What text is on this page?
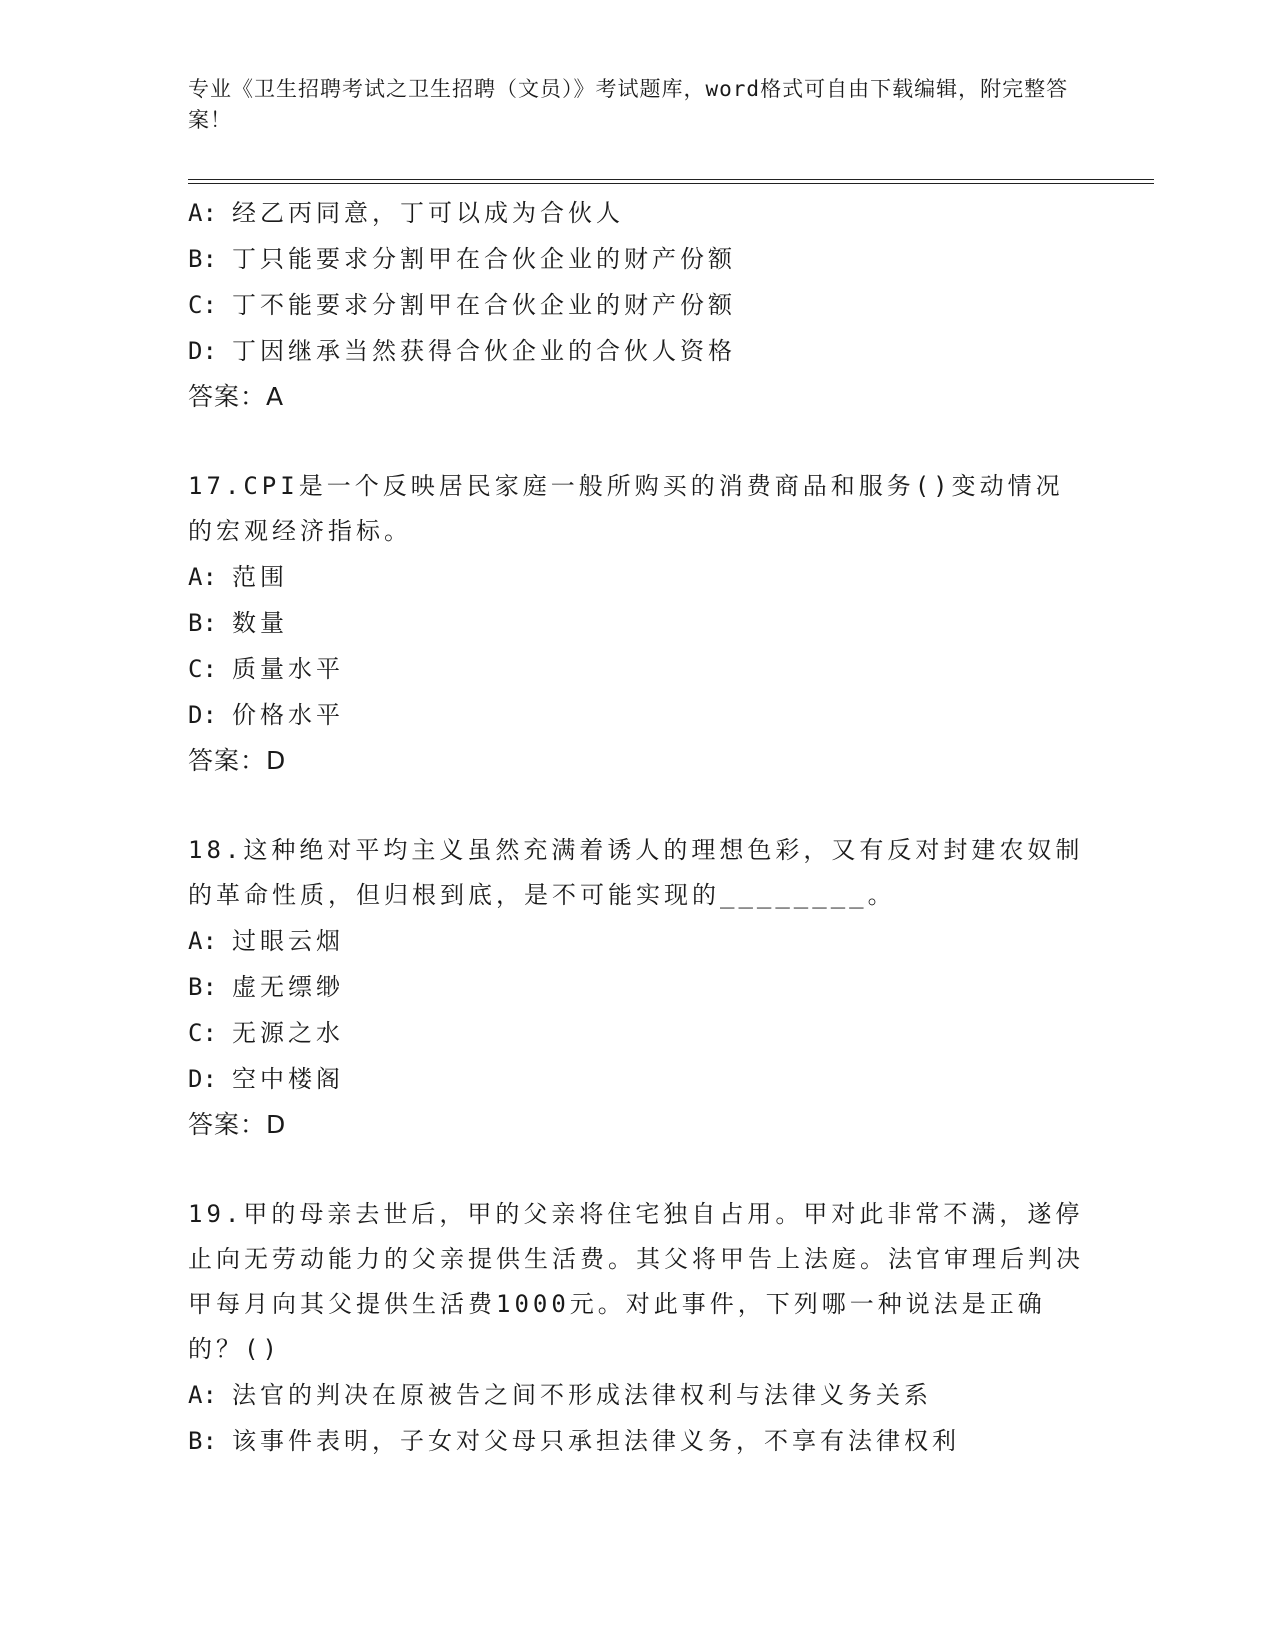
专业《卫生招聘考试之卫生招聘（文员）》考试题库，word格式可自由下载编辑，附完整答案！
A: 经乙丙同意，丁可以成为合伙人
B: 丁只能要求分割甲在合伙企业的财产份额
C: 丁不能要求分割甲在合伙企业的财产份额
D: 丁因继承当然获得合伙企业的合伙人资格
答案：A
17.CPI是一个反映居民家庭一般所购买的消费商品和服务()变动情况的宏观经济指标。
A: 范围
B: 数量
C: 质量水平
D: 价格水平
答案：D
18.这种绝对平均主义虽然充满着诱人的理想色彩，又有反对封建农奴制的革命性质，但归根到底，是不可能实现的________。
A: 过眼云烟
B: 虚无缥缈
C: 无源之水
D: 空中楼阁
答案：D
19.甲的母亲去世后，甲的父亲将住宅独自占用。甲对此非常不满，遂停止向无劳动能力的父亲提供生活费。其父将甲告上法庭。法官审理后判决甲每月向其父提供生活费1000元。对此事件，下列哪一种说法是正确的？()
A: 法官的判决在原被告之间不形成法律权利与法律义务关系
B: 该事件表明，子女对父母只承担法律义务，不享有法律权利
